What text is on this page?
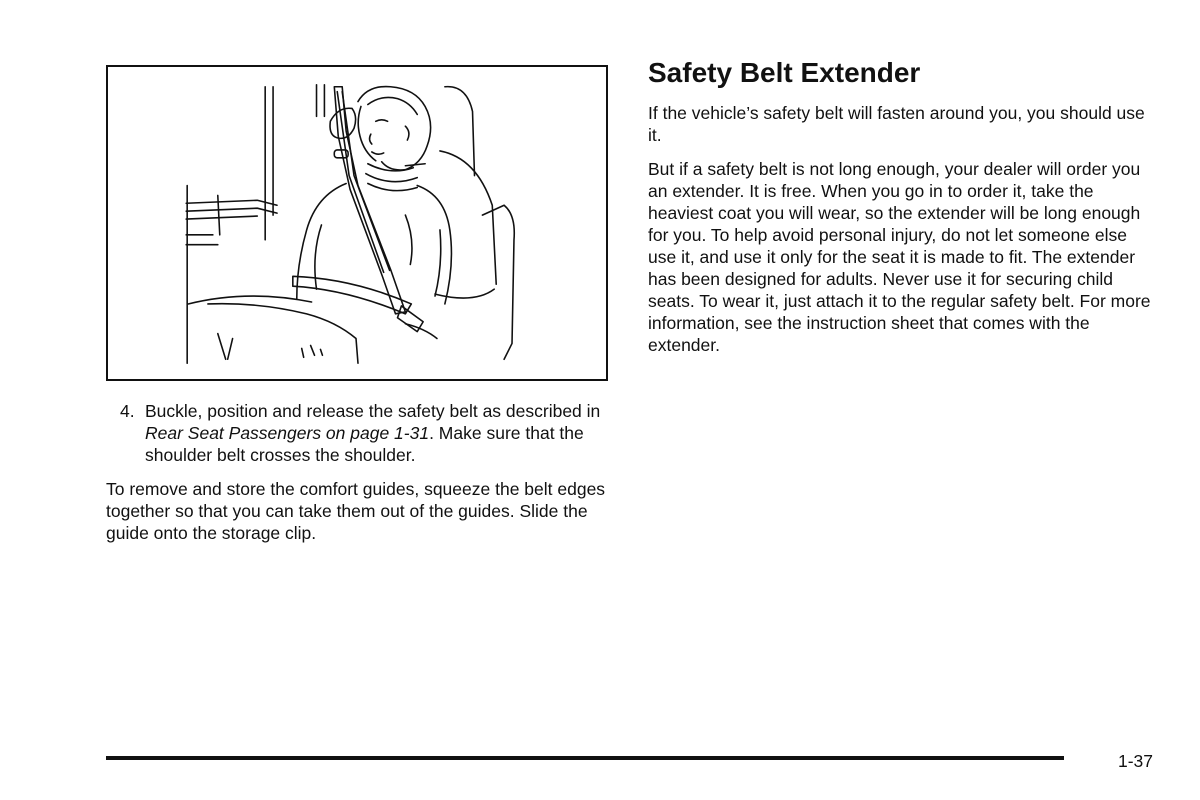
4. Buckle, position and release the safety belt as described in Rear Seat Passengers on page 1-31. Make sure that the shoulder belt crosses the shoulder.

To remove and store the comfort guides, squeeze the belt edges together so that you can take them out of the guides. Slide the guide onto the storage clip.

Safety Belt Extender

If the vehicle’s safety belt will fasten around you, you should use it.

But if a safety belt is not long enough, your dealer will order you an extender. It is free. When you go in to order it, take the heaviest coat you will wear, so the extender will be long enough for you. To help avoid personal injury, do not let someone else use it, and use it only for the seat it is made to fit. The extender has been designed for adults. Never use it for securing child seats. To wear it, just attach it to the regular safety belt. For more information, see the instruction sheet that comes with the extender.

1-37
